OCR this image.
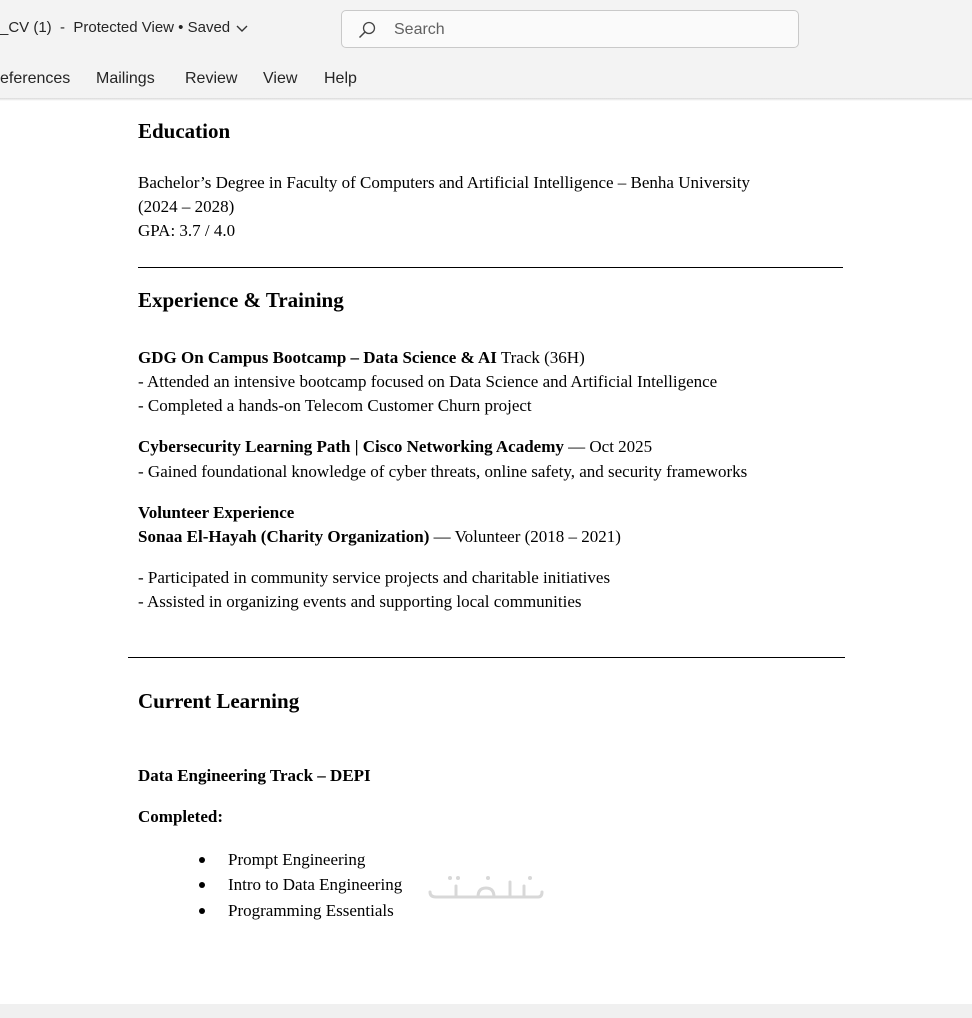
_CV (1) - Protected View • Saved
Search
eferences Mailings Review View Help
Education
Bachelor’s Degree in Faculty of Computers and Artificial Intelligence – Benha University
(2024 – 2028)
GPA: 3.7 / 4.0
Experience & Training
GDG On Campus Bootcamp – Data Science & AI Track (36H)
- Attended an intensive bootcamp focused on Data Science and Artificial Intelligence
- Completed a hands-on Telecom Customer Churn project
Cybersecurity Learning Path | Cisco Networking Academy — Oct 2025
- Gained foundational knowledge of cyber threats, online safety, and security frameworks
Volunteer Experience
Sonaa El-Hayah (Charity Organization) — Volunteer (2018 – 2021)
- Participated in community service projects and charitable initiatives
- Assisted in organizing events and supporting local communities
Current Learning
Data Engineering Track – DEPI
Completed:
Prompt Engineering
Intro to Data Engineering
Programming Essentials
